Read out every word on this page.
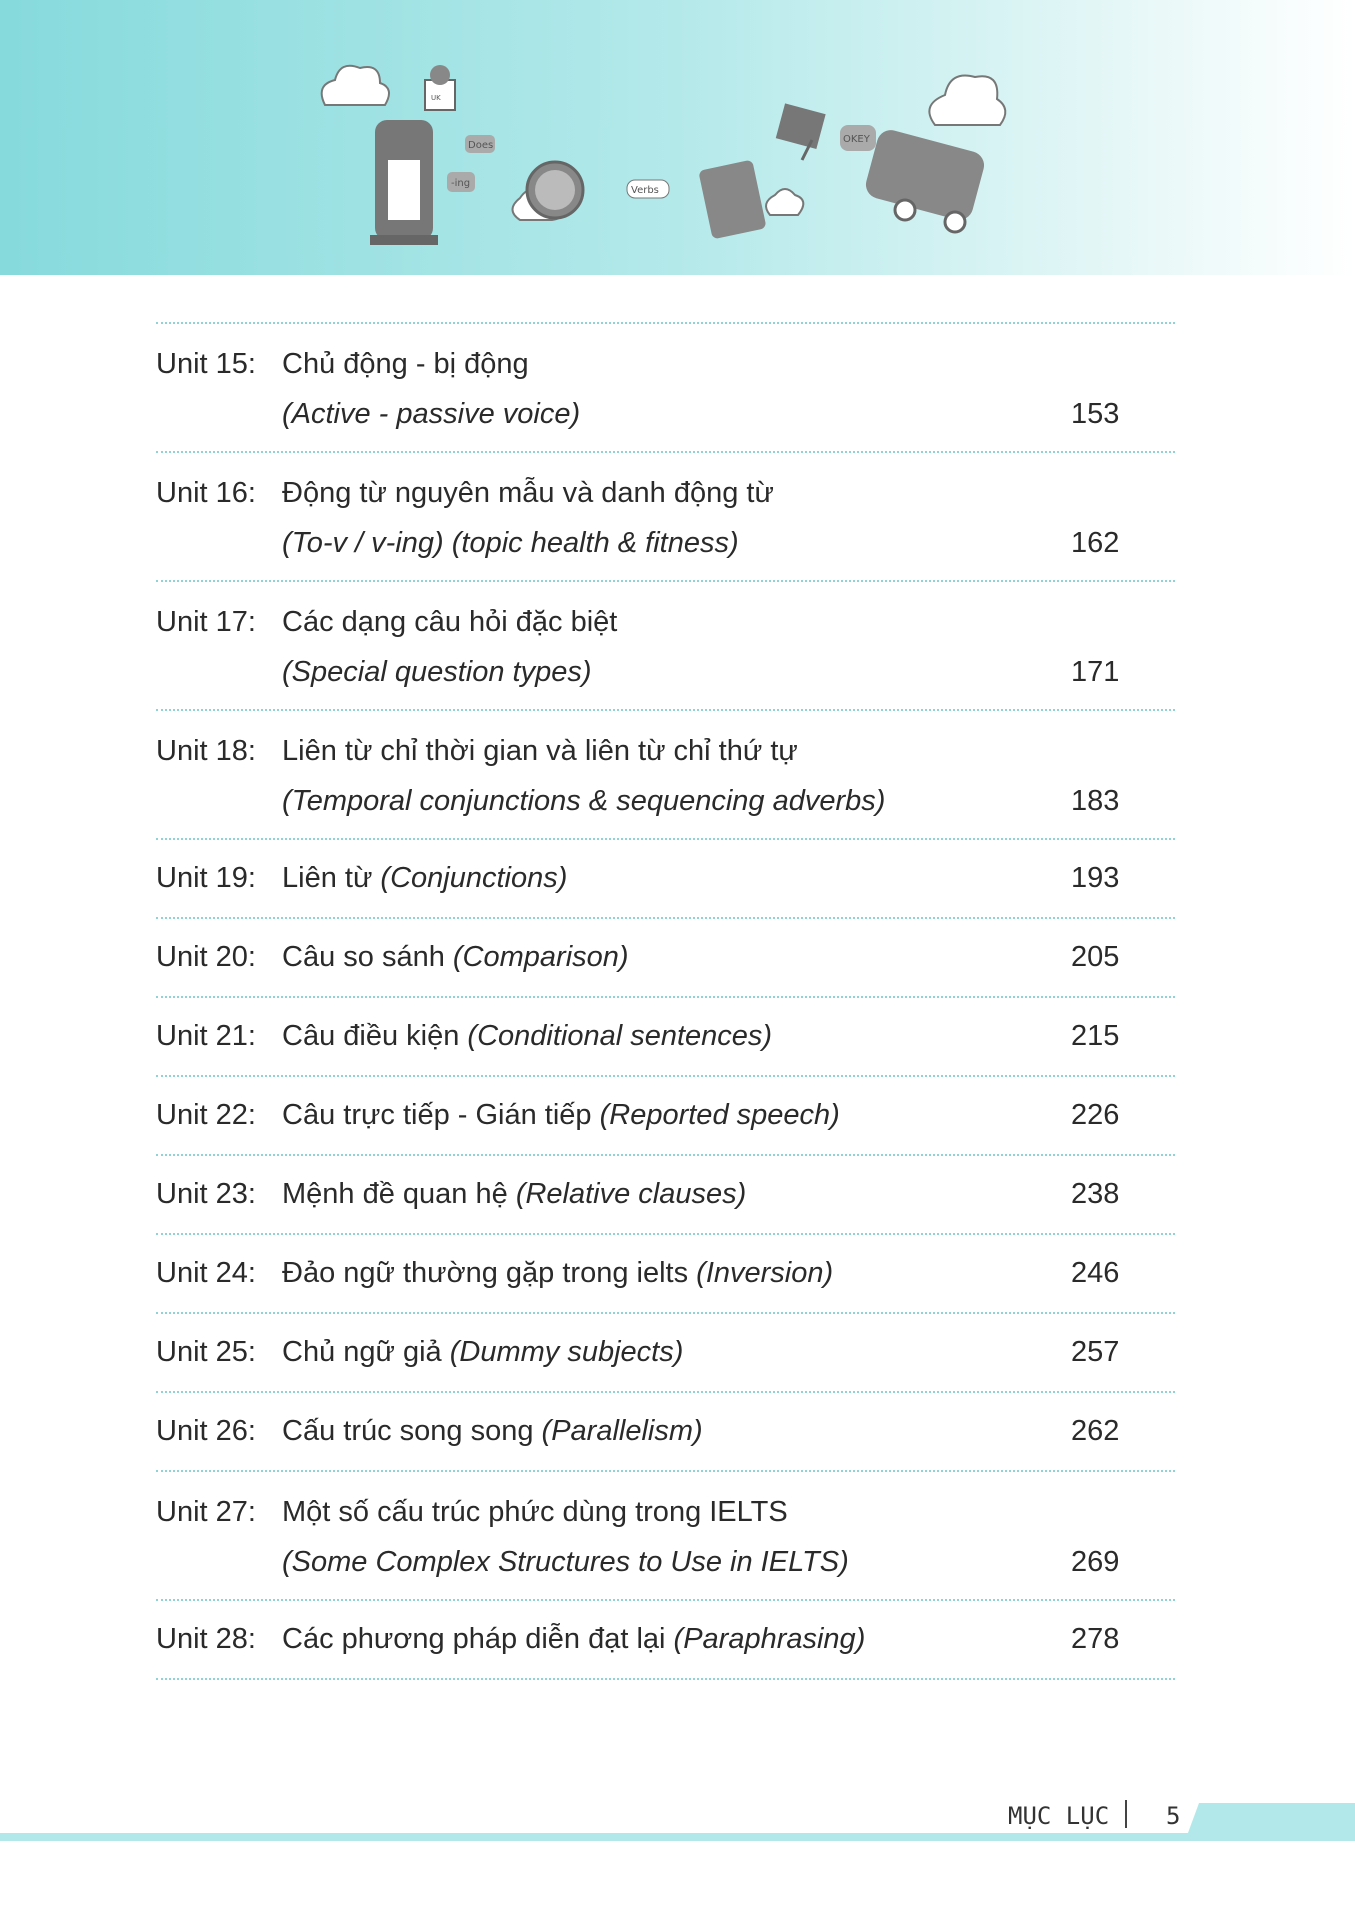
Does
-ing
Verbs
OKEY
UK
Unit 15: Chủ động - bị động
(Active - passive voice)	153
Unit 16: Động từ nguyên mẫu và danh động từ
(To-v / v-ing) (topic health & fitness)	162
Unit 17: Các dạng câu hỏi đặc biệt
(Special question types)	171
Unit 18: Liên từ chỉ thời gian và liên từ chỉ thứ tự
(Temporal conjunctions & sequencing adverbs)	183
Unit 19: Liên từ (Conjunctions)	193
Unit 20: Câu so sánh (Comparison)	205
Unit 21: Câu điều kiện (Conditional sentences)	215
Unit 22: Câu trực tiếp - Gián tiếp (Reported speech)	226
Unit 23: Mệnh đề quan hệ (Relative clauses)	238
Unit 24: Đảo ngữ thường gặp trong ielts (Inversion)	246
Unit 25: Chủ ngữ giả (Dummy subjects)	257
Unit 26: Cấu trúc song song (Parallelism)	262
Unit 27: Một số cấu trúc phức dùng trong IELTS
(Some Complex Structures to Use in IELTS)	269
Unit 28: Các phương pháp diễn đạt lại (Paraphrasing)	278
MỤC LỤC 5
